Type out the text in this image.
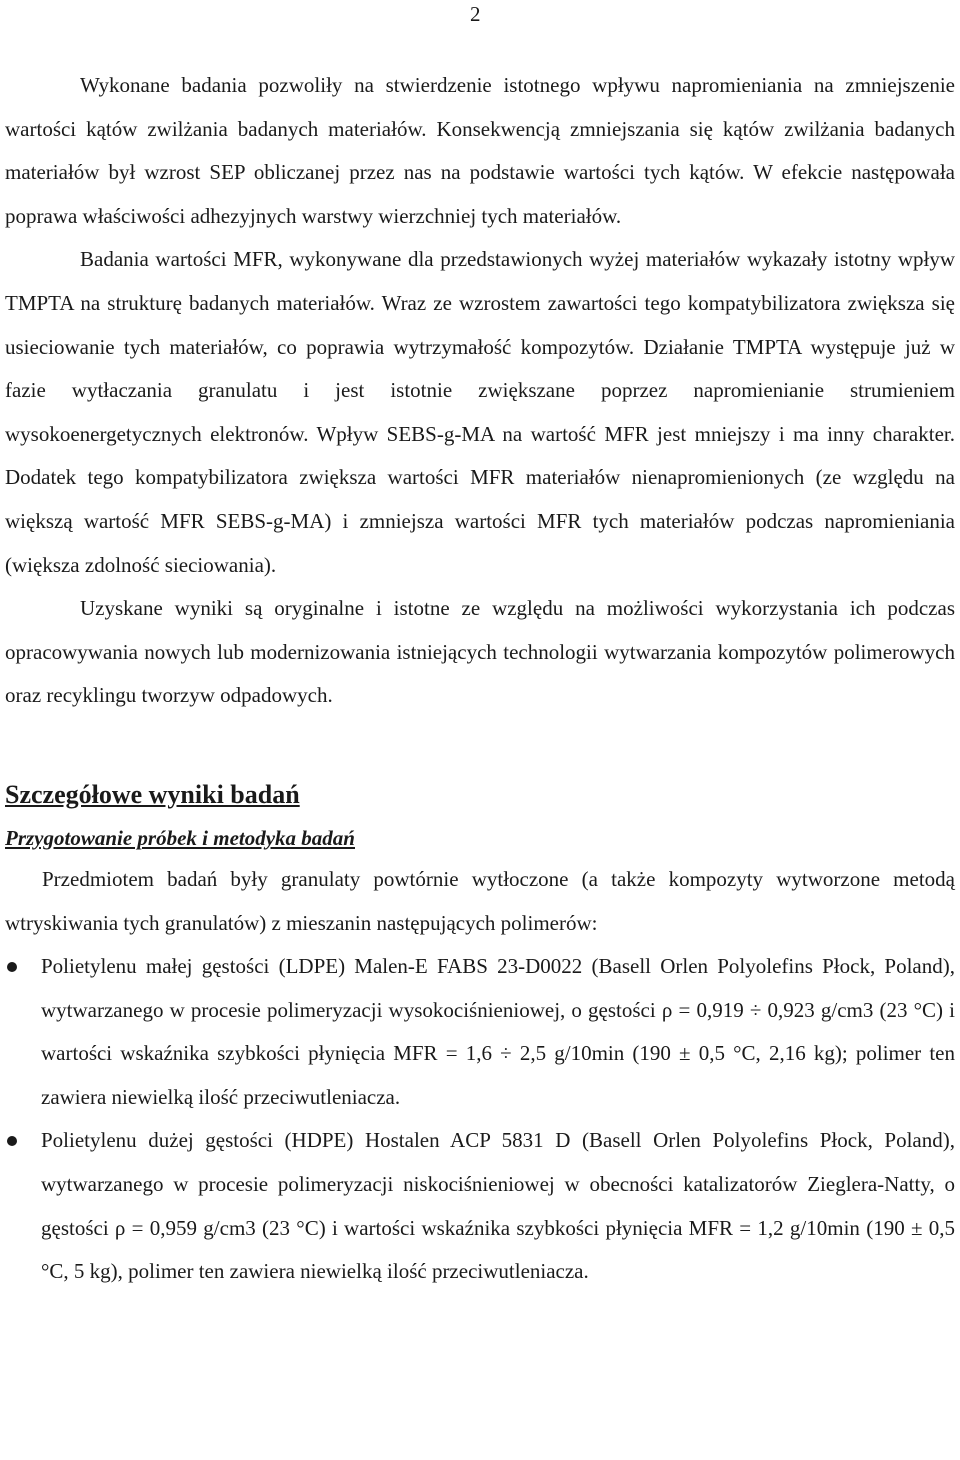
2

Wykonane badania pozwoliły na stwierdzenie istotnego wpływu napromieniania na zmniejszenie wartości kątów zwilżania badanych materiałów. Konsekwencją zmniejszania się kątów zwilżania badanych materiałów był wzrost SEP obliczanej przez nas na podstawie wartości tych kątów. W efekcie następowała poprawa właściwości adhezyjnych warstwy wierzchniej tych materiałów.

Badania wartości MFR, wykonywane dla przedstawionych wyżej materiałów wykazały istotny wpływ TMPTA na strukturę badanych materiałów. Wraz ze wzrostem zawartości tego kompatybilizatora zwiększa się usieciowanie tych materiałów, co poprawia wytrzymałość kompozytów. Działanie TMPTA występuje już w fazie wytłaczania granulatu i jest istotnie zwiększane poprzez napromienianie strumieniem wysokoenergetycznych elektronów. Wpływ SEBS-g-MA na wartość MFR jest mniejszy i ma inny charakter. Dodatek tego kompatybilizatora zwiększa wartości MFR materiałów nienapromienionych (ze względu na większą wartość MFR SEBS-g-MA) i zmniejsza wartości MFR tych materiałów podczas napromieniania (większa zdolność sieciowania).

Uzyskane wyniki są oryginalne i istotne ze względu na możliwości wykorzystania ich podczas opracowywania nowych lub modernizowania istniejących technologii wytwarzania kompozytów polimerowych oraz recyklingu tworzyw odpadowych.

Szczegółowe wyniki badań
Przygotowanie próbek i metodyka badań

Przedmiotem badań były granulaty powtórnie wytłoczone (a także kompozyty wytworzone metodą wtryskiwania tych granulatów) z mieszanin następujących polimerów:

Polietylenu małej gęstości (LDPE) Malen-E FABS 23-D0022 (Basell Orlen Polyolefins Płock, Poland), wytwarzanego w procesie polimeryzacji wysokociśnieniowej, o gęstości ρ = 0,919 ÷ 0,923 g/cm3 (23 °C) i wartości wskaźnika szybkości płynięcia MFR = 1,6 ÷ 2,5 g/10min (190 ± 0,5 °C, 2,16 kg); polimer ten zawiera niewielką ilość przeciwutleniacza.
Polietylenu dużej gęstości (HDPE) Hostalen ACP 5831 D (Basell Orlen Polyolefins Płock, Poland), wytwarzanego w procesie polimeryzacji niskociśnieniowej w obecności katalizatorów Zieglera-Natty, o gęstości ρ = 0,959 g/cm3 (23 °C) i wartości wskaźnika szybkości płynięcia MFR = 1,2 g/10min (190 ± 0,5 °C, 5 kg), polimer ten zawiera niewielką ilość przeciwutleniacza.
